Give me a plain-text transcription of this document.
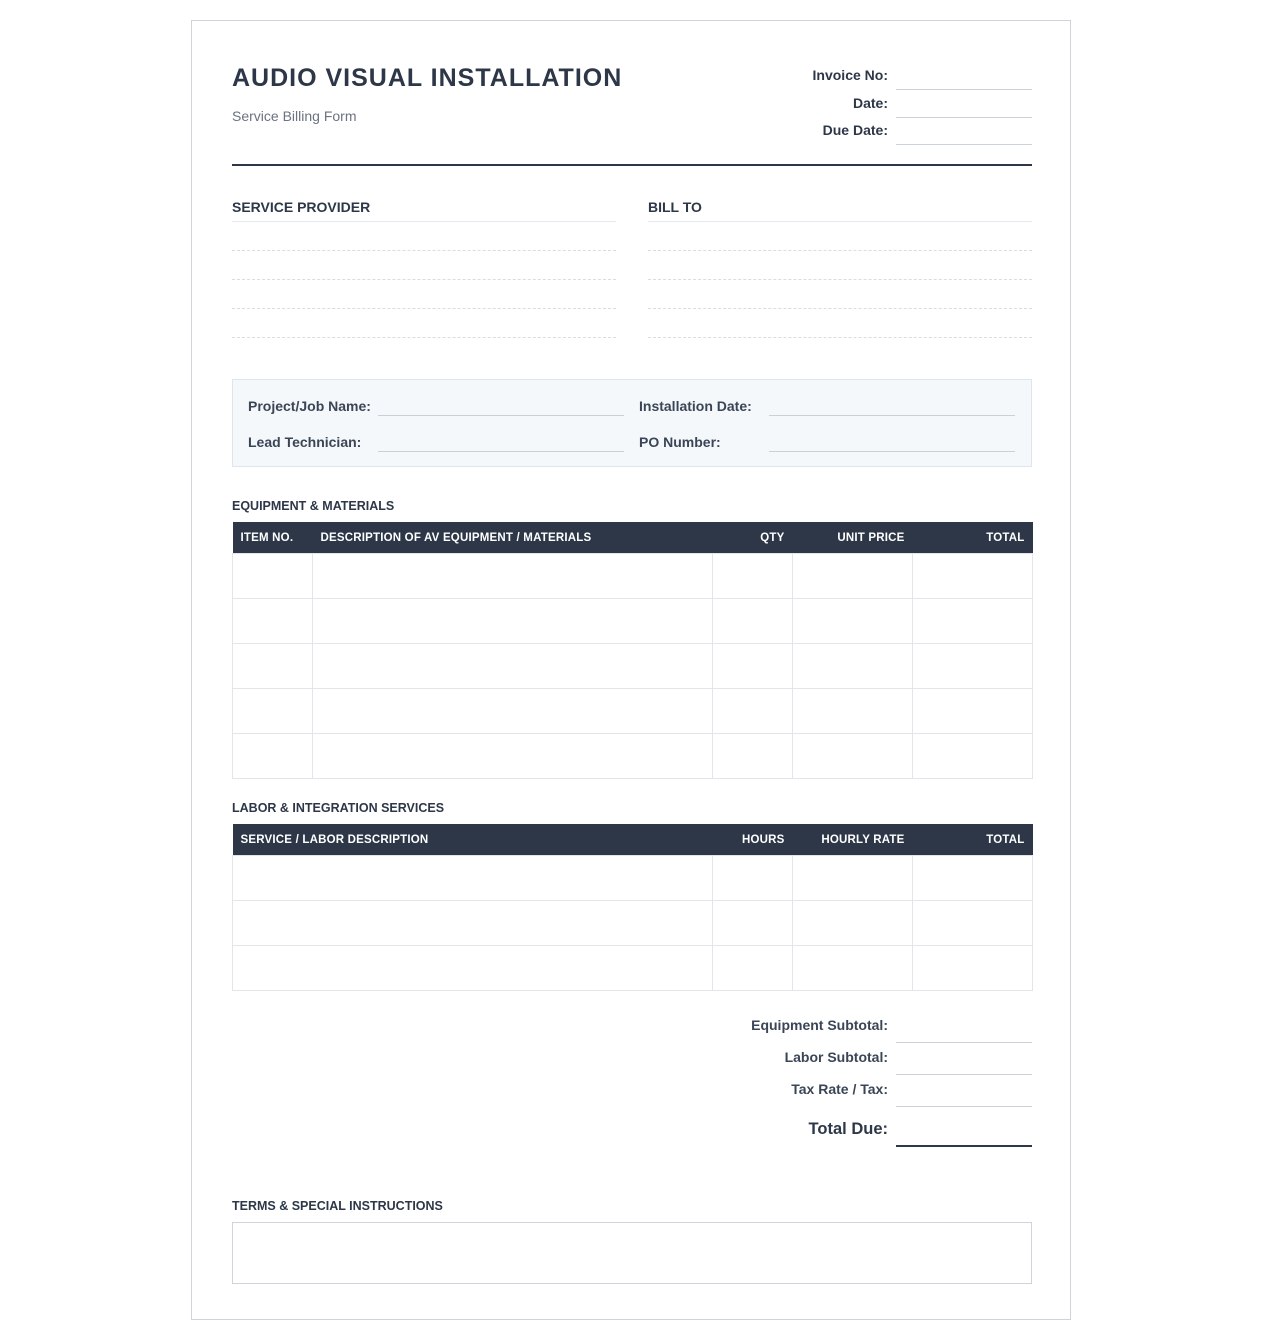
AUDIO VISUAL INSTALLATION
Service Billing Form
Invoice No:
Date:
Due Date:
SERVICE PROVIDER	BILL TO
Project/Job Name:	Installation Date:
Lead Technician:	PO Number:
EQUIPMENT & MATERIALS
ITEM NO.	DESCRIPTION OF AV EQUIPMENT / MATERIALS	QTY	UNIT PRICE	TOTAL

LABOR & INTEGRATION SERVICES
SERVICE / LABOR DESCRIPTION	HOURS	HOURLY RATE	TOTAL

Equipment Subtotal:
Labor Subtotal:
Tax Rate / Tax:
Total Due:
TERMS & SPECIAL INSTRUCTIONS
